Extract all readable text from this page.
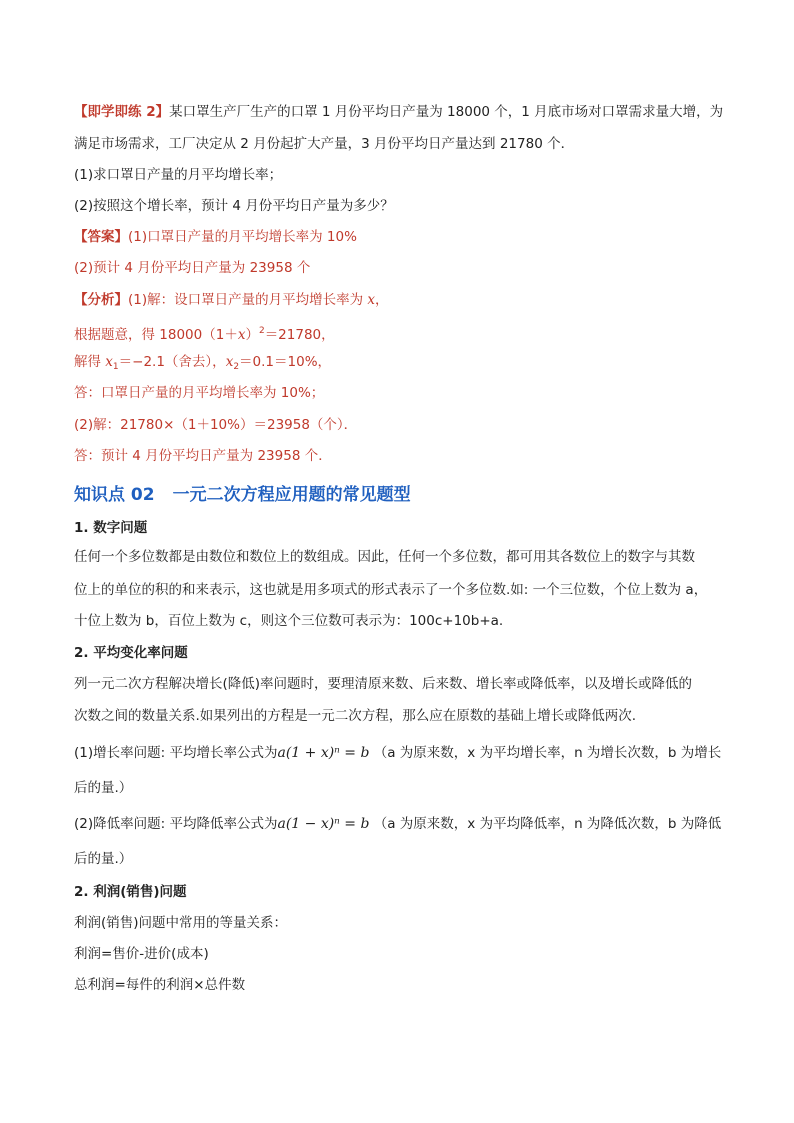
【即学即练 2】某口罩生产厂生产的口罩 1 月份平均日产量为 18000 个，1 月底市场对口罩需求量大增，为
满足市场需求，工厂决定从 2 月份起扩大产量，3 月份平均日产量达到 21780 个．
(1)求口罩日产量的月平均增长率；
(2)按照这个增长率，预计 4 月份平均日产量为多少？
【答案】(1)口罩日产量的月平均增长率为 10%
(2)预计 4 月份平均日产量为 23958 个
【分析】(1)解：设口罩日产量的月平均增长率为 x，
根据题意，得 $18000(1+x)^2=21780$，
解得 $x_1=-2.1$（舍去），$x_2=0.1=10\%$，
答：口罩日产量的月平均增长率为 10%；
(2)解：21780×（1＋10%）＝23958（个）．
答：预计 4 月份平均日产量为 23958 个．
知识点 02 一元二次方程应用题的常见题型
1. 数字问题
任何一个多位数都是由数位和数位上的数组成。因此，任何一个多位数，都可用其各数位上的数字与其数
位上的单位的积的和来表示，这也就是用多项式的形式表示了一个多位数.如: 一个三位数，个位上数为 a，
十位上数为 b，百位上数为 c，则这个三位数可表示为：100c+10b+a.
2. 平均变化率问题
列一元二次方程解决增长(降低)率问题时，要理清原来数、后来数、增长率或降低率，以及增长或降低的
次数之间的数量关系.如果列出的方程是一元二次方程，那么应在原数的基础上增长或降低两次.
(1)增长率问题: 平均增长率公式为a(1 + x)ⁿ = b （a 为原来数，x 为平均增长率，n 为增长次数，b 为增长
后的量.）
(2)降低率问题: 平均降低率公式为a(1 − x)ⁿ = b （a 为原来数，x 为平均降低率，n 为降低次数，b 为降低
后的量.）
2. 利润(销售)问题
利润(销售)问题中常用的等量关系：
利润=售价-进价(成本)
总利润=每件的利润×总件数
